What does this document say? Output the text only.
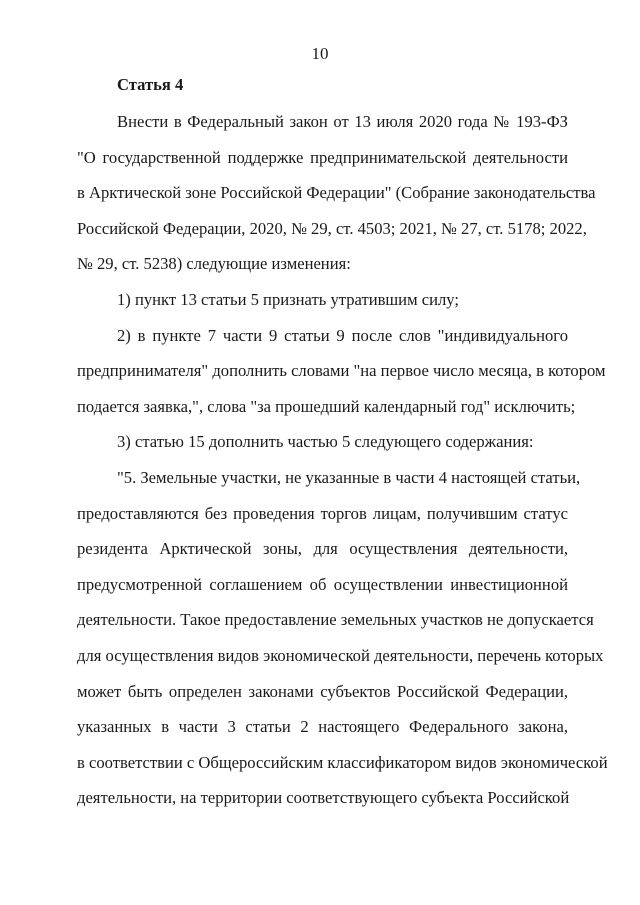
10
Статья 4
Внести в Федеральный закон от 13 июля 2020 года № 193-ФЗ
"О государственной поддержке предпринимательской деятельности
в Арктической зоне Российской Федерации" (Собрание законодательства
Российской Федерации, 2020, № 29, ст. 4503; 2021, № 27, ст. 5178; 2022,
№ 29, ст. 5238) следующие изменения:
1) пункт 13 статьи 5 признать утратившим силу;
2) в пункте 7 части 9 статьи 9 после слов "индивидуального
предпринимателя" дополнить словами "на первое число месяца, в котором
подается заявка,", слова "за прошедший календарный год" исключить;
3) статью 15 дополнить частью 5 следующего содержания:
"5. Земельные участки, не указанные в части 4 настоящей статьи,
предоставляются без проведения торгов лицам, получившим статус
резидента Арктической зоны, для осуществления деятельности,
предусмотренной соглашением об осуществлении инвестиционной
деятельности. Такое предоставление земельных участков не допускается
для осуществления видов экономической деятельности, перечень которых
может быть определен законами субъектов Российской Федерации,
указанных в части 3 статьи 2 настоящего Федерального закона,
в соответствии с Общероссийским классификатором видов экономической
деятельности, на территории соответствующего субъекта Российской
